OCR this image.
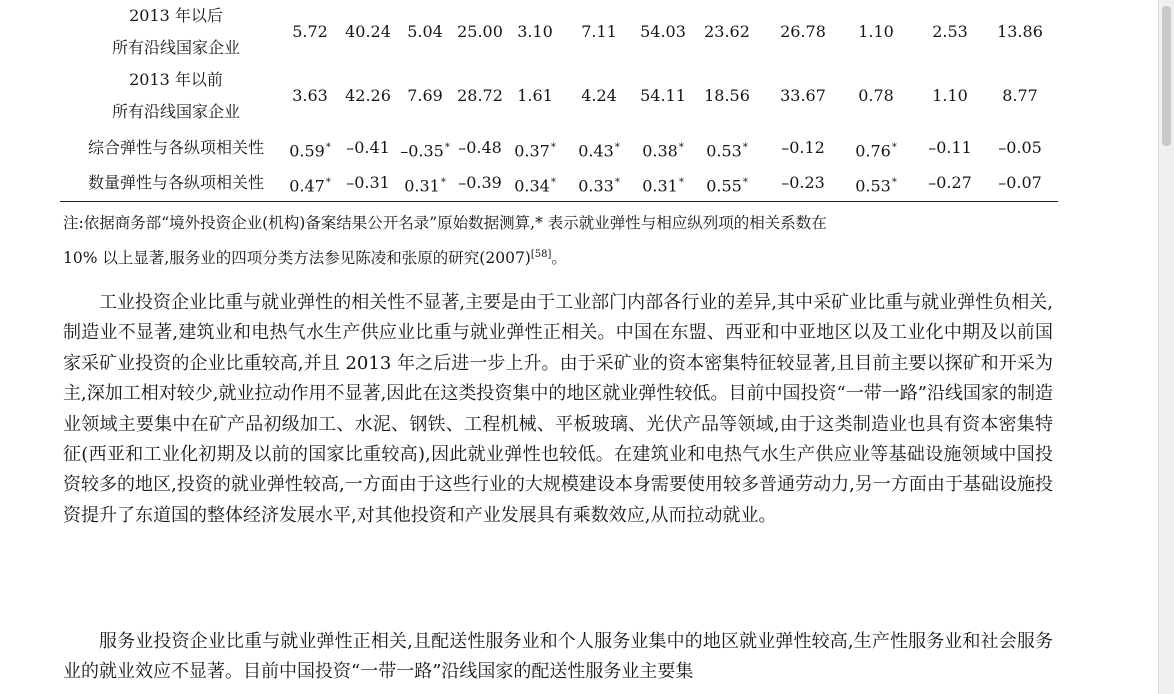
2013 年以后
所有沿线国家企业
5.72	40.24	5.04 25.00 3.10	7.11	54.03	23.62	26.78	1.10	2.53	13.86
2013 年以前
所有沿线国家企业
3.63	42.26	7.69 28.72 1.61	4.24	54.11	18.56	33.67	0.78	1.10	8.77
综合弹性与各纵项相关性	0.59* –0.41 –0.35* –0.48 0.37*	0.43*	0.38*	0.53*	–0.12	0.76*	–0.11	–0.05
数量弹性与各纵项相关性	0.47* –0.31 0.31* –0.39 0.34*	0.33*	0.31*	0.55*	–0.23	0.53*	–0.27	–0.07
注:依据商务部“境外投资企业(机构)备案结果公开名录”原始数据测算,* 表示就业弹性与相应纵列项的相关系数在
10% 以上显著,服务业的四项分类方法参见陈凌和张原的研究(2007)[58]。

工业投资企业比重与就业弹性的相关性不显著,主要是由于工业部门内部各行业的差异,其中采矿业比重与就业弹性负相关,制造业不显著,建筑业和电热气水生产供应业比重与就业弹性正相关。中国在东盟、西亚和中亚地区以及工业化中期及以前国家采矿业投资的企业比重较高,并且 2013 年之后进一步上升。由于采矿业的资本密集特征较显著,且目前主要以探矿和开采为主,深加工相对较少,就业拉动作用不显著,因此在这类投资集中的地区就业弹性较低。目前中国投资“一带一路”沿线国家的制造业领域主要集中在矿产品初级加工、水泥、钢铁、工程机械、平板玻璃、光伏产品等领域,由于这类制造业也具有资本密集特征(西亚和工业化初期及以前的国家比重较高),因此就业弹性也较低。在建筑业和电热气水生产供应业等基础设施领域中国投资较多的地区,投资的就业弹性较高,一方面由于这些行业的大规模建设本身需要使用较多普通劳动力,另一方面由于基础设施投资提升了东道国的整体经济发展水平,对其他投资和产业发展具有乘数效应,从而拉动就业。

服务业投资企业比重与就业弹性正相关,且配送性服务业和个人服务业集中的地区就业弹性较高,生产性服务业和社会服务业的就业效应不显著。目前中国投资“一带一路”沿线国家的配送性服务业主要集
